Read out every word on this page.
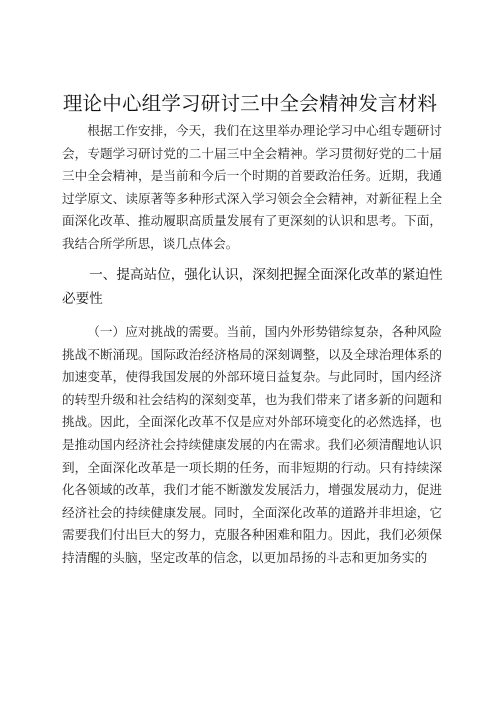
理论中心组学习研讨三中全会精神发言材料

根据工作安排，今天，我们在这里举办理论学习中心组专题研讨会，专题学习研讨党的二十届三中全会精神。学习贯彻好党的二十届三中全会精神，是当前和今后一个时期的首要政治任务。近期，我通过学原文、读原著等多种形式深入学习领会全会精神，对新征程上全面深化改革、推动履职高质量发展有了更深刻的认识和思考。下面，我结合所学所思，谈几点体会。

一、提高站位，强化认识，深刻把握全面深化改革的紧迫性必要性

（一）应对挑战的需要。当前，国内外形势错综复杂，各种风险挑战不断涌现。国际政治经济格局的深刻调整，以及全球治理体系的加速变革，使得我国发展的外部环境日益复杂。与此同时，国内经济的转型升级和社会结构的深刻变革，也为我们带来了诸多新的问题和挑战。因此，全面深化改革不仅是应对外部环境变化的必然选择，也是推动国内经济社会持续健康发展的内在需求。我们必须清醒地认识到，全面深化改革是一项长期的任务，而非短期的行动。只有持续深化各领域的改革，我们才能不断激发发展活力，增强发展动力，促进经济社会的持续健康发展。同时，全面深化改革的道路并非坦途，它需要我们付出巨大的努力，克服各种困难和阻力。因此，我们必须保持清醒的头脑，坚定改革的信念，以更加昂扬的斗志和更加务实的
